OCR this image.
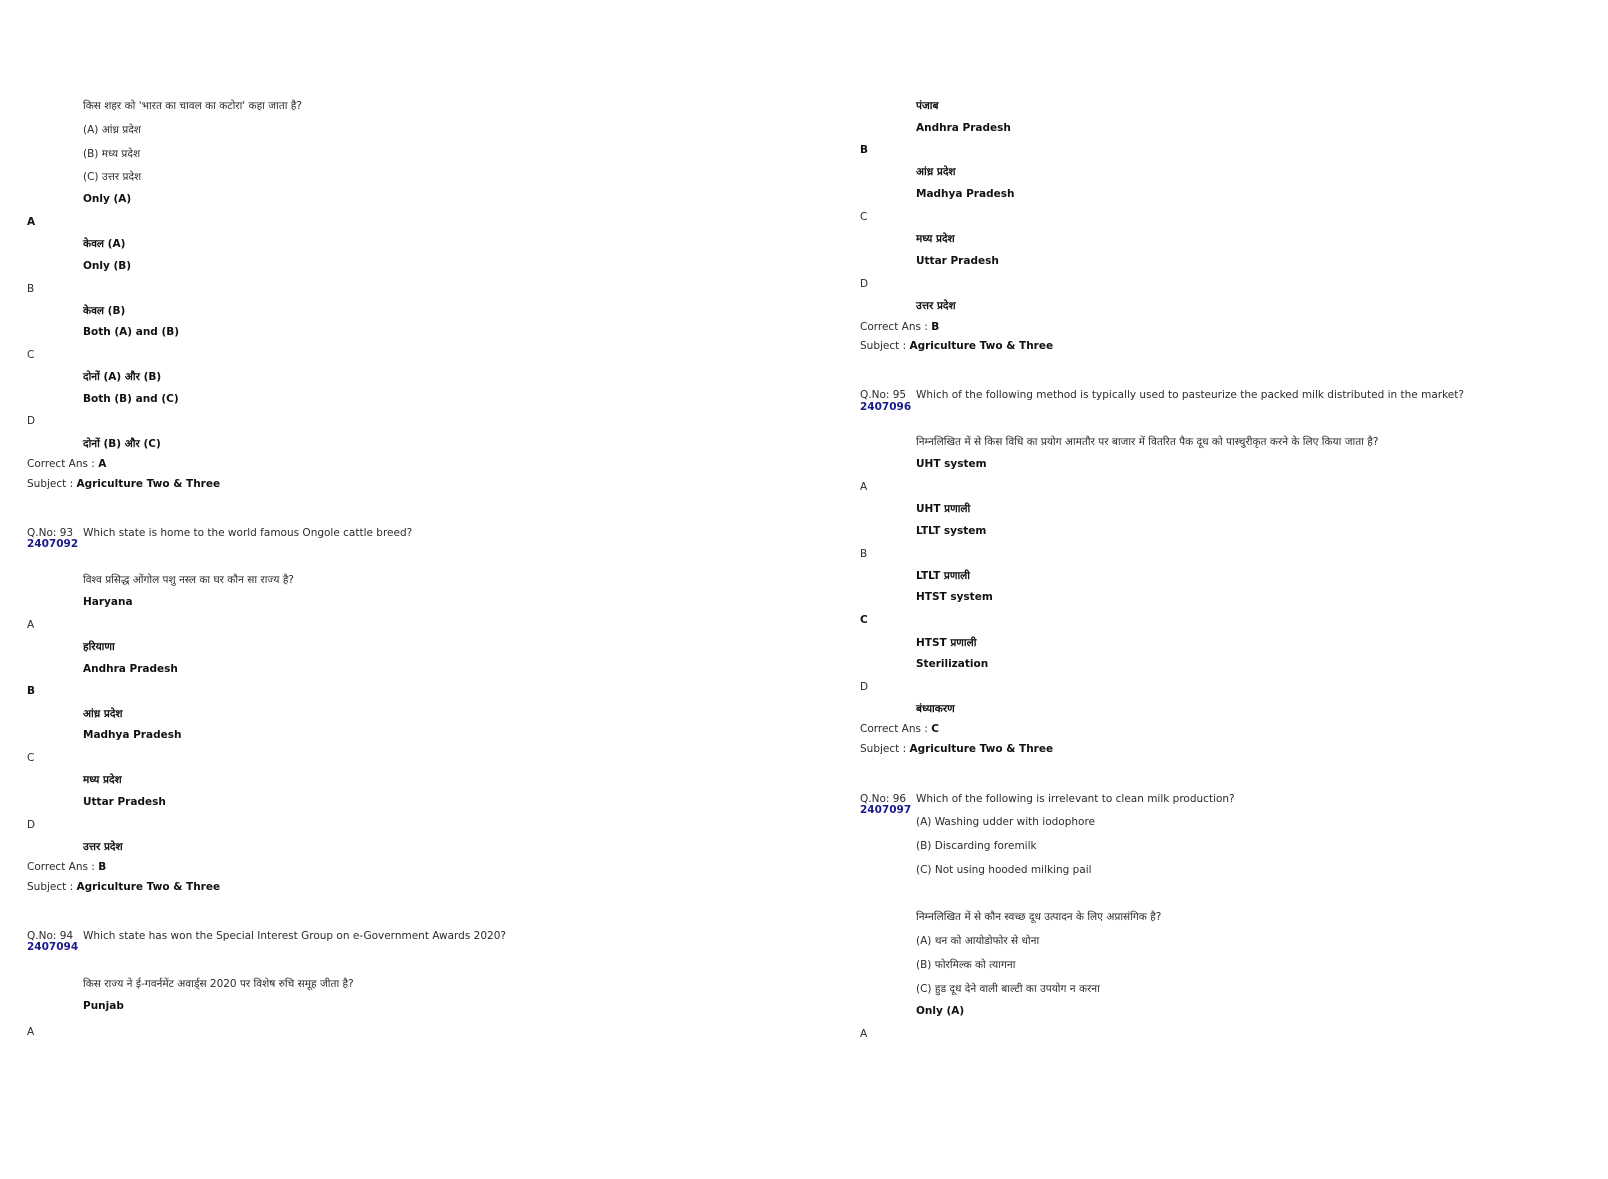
किस शहर को 'भारत का चावल का कटोरा' कहा जाता है?
(A) आंध्र प्रदेश
(B) मध्य प्रदेश
(C) उत्तर प्रदेश
Only (A)
A
केवल (A)
Only (B)
B
केवल (B)
Both (A) and (B)
C
दोनों (A) और (B)
Both (B) and (C)
D
दोनों (B) और (C)
Correct Ans : A
Subject : Agriculture Two & Three
Q.No: 93
2407092
Which state is home to the world famous Ongole cattle breed?
विश्व प्रसिद्ध ओंगोल पशु नस्ल का घर कौन सा राज्य है?
Haryana
A
हरियाणा
Andhra Pradesh
B
आंध्र प्रदेश
Madhya Pradesh
C
मध्य प्रदेश
Uttar Pradesh
D
उत्तर प्रदेश
Correct Ans : B
Subject : Agriculture Two & Three
Q.No: 94
2407094
Which state has won the Special Interest Group on e-Government Awards 2020?
किस राज्य ने ई-गवर्नमेंट अवार्ड्स 2020 पर विशेष रुचि समूह जीता है?
Punjab
A
पंजाब
Andhra Pradesh
B
आंध्र प्रदेश
Madhya Pradesh
C
मध्य प्रदेश
Uttar Pradesh
D
उत्तर प्रदेश
Correct Ans : B
Subject : Agriculture Two & Three
Q.No: 95
2407096
Which of the following method is typically used to pasteurize the packed milk distributed in the market?
निम्नलिखित में से किस विधि का प्रयोग आमतौर पर बाजार में वितरित पैक दूध को पास्चुरीकृत करने के लिए किया जाता है?
UHT system
A
UHT प्रणाली
LTLT system
B
LTLT प्रणाली
HTST system
C
HTST प्रणाली
Sterilization
D
बंध्याकरण
Correct Ans : C
Subject : Agriculture Two & Three
Q.No: 96
2407097
Which of the following is irrelevant to clean milk production?
(A) Washing udder with iodophore
(B) Discarding foremilk
(C) Not using hooded milking pail
निम्नलिखित में से कौन स्वच्छ दूध उत्पादन के लिए अप्रासंगिक है?
(A) थन को आयोडोफोर से धोना
(B) फोरमिल्क को त्यागना
(C) हुड दूध देने वाली बाल्टी का उपयोग न करना
Only (A)
A
